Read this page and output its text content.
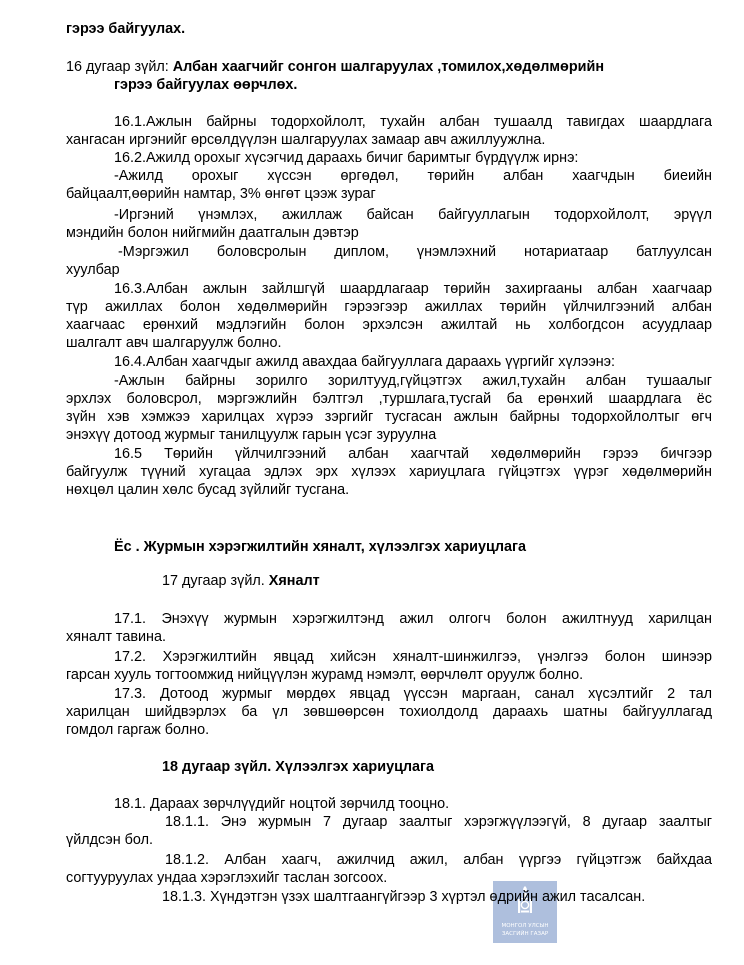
гэрээ байгуулах.
16 дугаар зүйл: Албан хаагчийг сонгон шалгаруулах ,томилох,хөдөлмөрийн
гэрээ байгуулах өөрчлөх.
16.1.Ажлын байрны тодорхойлолт, тухайн албан тушаалд тавигдах шаардлага
хангасан иргэнийг өрсөлдүүлэн шалгаруулах замаар авч ажиллуужлна.
16.2.Ажилд орохыг хүсэгчид дараахь бичиг баримтыг бүрдүүлж ирнэ:
-Ажилд орохыг хүссэн өргөдөл, төрийн албан хаагчдын биеийн
байцаалт,өөрийн намтар, 3% өнгөт цээж зураг
-Иргэний үнэмлэх, ажиллаж байсан байгууллагын тодорхойлолт, эрүүл
мэндийн болон нийгмийн даатгалын дэвтэр
-Мэргэжил боловсролын диплом, үнэмлэхний нотариатаар батлуулсан
хуулбар
16.3.Албан ажлын зайлшгүй шаардлагаар төрийн захиргааны албан хаагчаар
түр ажиллах болон хөдөлмөрийн гэрээгээр ажиллах төрийн үйлчилгээний албан
хаагчаас ерөнхий мэдлэгийн болон эрхэлсэн ажилтай нь холбогдсон асуудлаар
шалгалт авч шалгаруулж болно.
16.4.Албан хаагчдыг ажилд авахдаа байгууллага дараахь үүргийг хүлээнэ:
-Ажлын байрны зорилго зорилтууд,гүйцэтгэх ажил,тухайн албан тушаалыг
эрхлэх боловсрол, мэргэжлийн бэлтгэл ,туршлага,тусгай ба ерөнхий шаардлага ёс
зүйн хэв хэмжээ харилцах хүрээ зэргийг тусгасан ажлын байрны тодорхойлолтыг өгч
энэхүү дотоод журмыг танилцуулж гарын үсэг зуруулна
16.5 Төрийн үйлчилгээний албан хаагчтай хөдөлмөрийн гэрээ бичгээр
байгуулж түүний хугацаа эдлэх эрх хүлээх хариуцлага гүйцэтгэх үүрэг хөдөлмөрийн
нөхцөл цалин хөлс бусад зүйлийг тусгана.
Ёс . Журмын хэрэгжилтийн хяналт, хүлээлгэх хариуцлага
17 дугаар зүйл. Хяналт
17.1. Энэхүү журмын хэрэгжилтэнд ажил олгогч болон ажилтнууд харилцан
хяналт тавина.
17.2. Хэрэгжилтийн явцад хийсэн хяналт-шинжилгээ, үнэлгээ болон шинээр
гарсан хууль тогтоомжид нийцүүлэн журамд нэмэлт, өөрчлөлт оруулж болно.
17.3. Дотоод журмыг мөрдөх явцад үүссэн маргаан, санал хүсэлтийг 2 тал
харилцан шийдвэрлэх ба үл зөвшөөрсөн тохиолдолд дараахь шатны байгууллагад
гомдол гаргаж болно.
18 дугаар зүйл. Хүлээлгэх хариуцлага
18.1. Дараах зөрчлүүдийг ноцтой зөрчилд тооцно.
18.1.1. Энэ журмын 7 дугаар заалтыг хэрэгжүүлээгүй, 8 дугаар заалтыг
үйлдсэн бол.
18.1.2. Албан хаагч, ажилчид ажил, албан үүргээ гүйцэтгэж байхдаа
согтууруулах ундаа хэрэглэхийг таслан зогсоох.
МОНГОЛ УЛСЫН
ЗАСГИЙН ГАЗАР
18.1.3. Хүндэтгэн үзэх шалтгаангүйгээр 3 хүртэл өдрийн ажил тасалсан.
